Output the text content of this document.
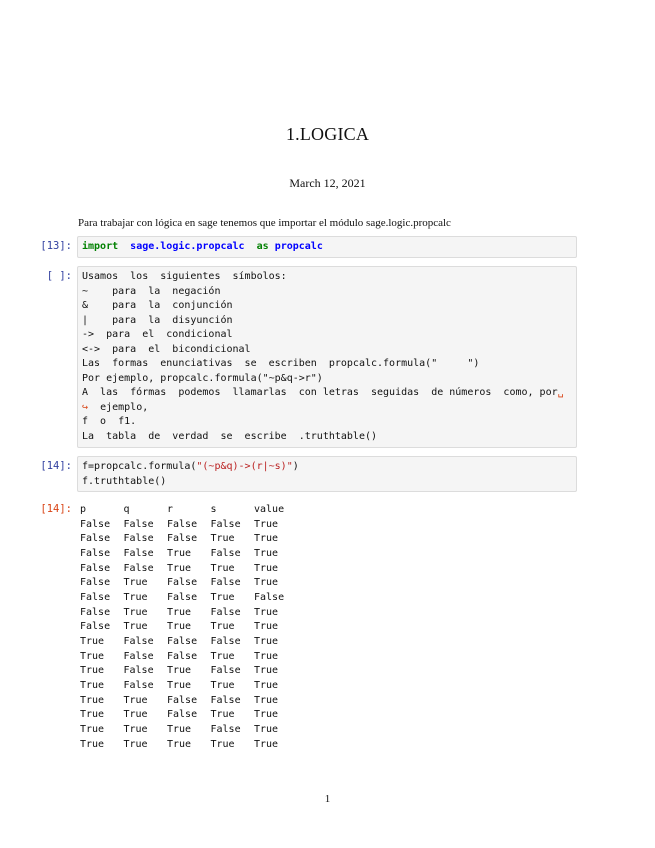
1.LOGICA
March 12, 2021
Para trabajar con lógica en sage tenemos que importar el módulo sage.logic.propcalc
[13]:	import sage.logic.propcalc as propcalc
[ ]:	Usamos  los  siguientes  símbolos:
~    para  la  negación
&    para  la  conjunción
|    para  la  disyunción
->  para  el  condicional
<->  para  el  bicondicional
Las  formas  enunciativas  se  escriben  propcalc.formula("     ")
Por ejemplo, propcalc.formula("~p&q->r")
A  las  fórmas  podemos  llamarlas  con letras  seguidas  de números  como, por␣
↪  ejemplo,
f  o  f1.
La  tabla  de  verdad  se  escribe  .truthtable()
[14]:	f=propcalc.formula("(~p&q)->(r|~s)")
f.truthtable()
[14]: p	q	r	s	value
False	False	False	False	True
False	False	False	True	True
False	False	True	False	True
False	False	True	True	True
False	True	False	False	True
False	True	False	True	False
False	True	True	False	True
False	True	True	True	True
True	False	False	False	True
True	False	False	True	True
True	False	True	False	True
True	False	True	True	True
True	True	False	False	True
True	True	False	True	True
True	True	True	False	True
True	True	True	True	True
1
